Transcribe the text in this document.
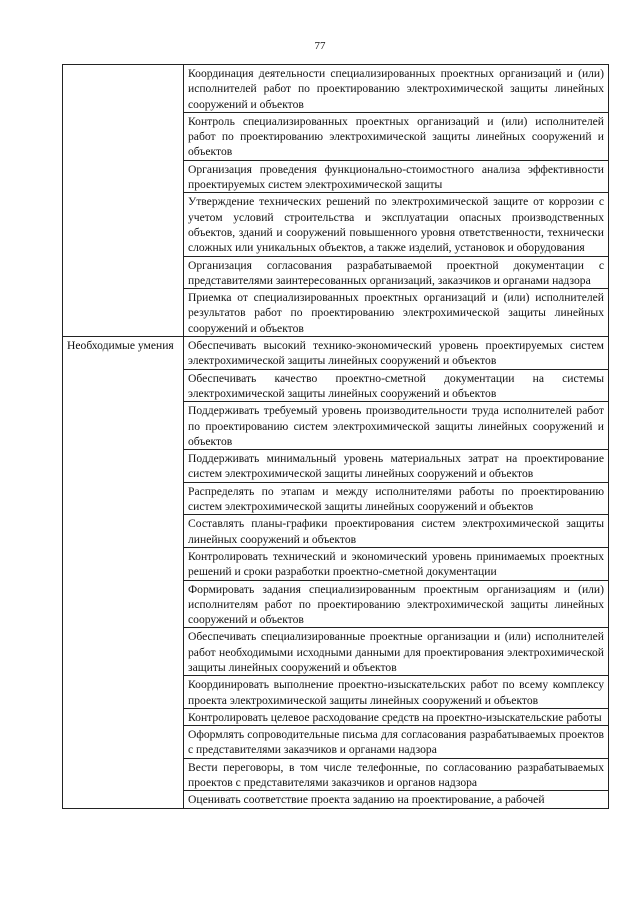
77
	Координация деятельности специализированных проектных организаций и (или) исполнителей работ по проектированию электрохимической защиты линейных сооружений и объектов
	Контроль специализированных проектных организаций и (или) исполнителей работ по проектированию электрохимической защиты линейных сооружений и объектов
	Организация проведения функционально-стоимостного анализа эффективности проектируемых систем электрохимической защиты
	Утверждение технических решений по электрохимической защите от коррозии с учетом условий строительства и эксплуатации опасных производственных объектов, зданий и сооружений повышенного уровня ответственности, технически сложных или уникальных объектов, а также изделий, установок и оборудования
	Организация согласования разрабатываемой проектной документации с представителями заинтересованных организаций, заказчиков и органами надзора
	Приемка от специализированных проектных организаций и (или) исполнителей результатов работ по проектированию электрохимической защиты линейных сооружений и объектов

Необходимые умения	Обеспечивать высокий технико-экономический уровень проектируемых систем электрохимической защиты линейных сооружений и объектов
	Обеспечивать качество проектно-сметной документации на системы электрохимической защиты линейных сооружений и объектов
	Поддерживать требуемый уровень производительности труда исполнителей работ по проектированию систем электрохимической защиты линейных сооружений и объектов
	Поддерживать минимальный уровень материальных затрат на проектирование систем электрохимической защиты линейных сооружений и объектов
	Распределять по этапам и между исполнителями работы по проектированию систем электрохимической защиты линейных сооружений и объектов
	Составлять планы-графики проектирования систем электрохимической защиты линейных сооружений и объектов
	Контролировать технический и экономический уровень принимаемых проектных решений и сроки разработки проектно-сметной документации
	Формировать задания специализированным проектным организациям и (или) исполнителям работ по проектированию электрохимической защиты линейных сооружений и объектов
	Обеспечивать специализированные проектные организации и (или) исполнителей работ необходимыми исходными данными для проектирования электрохимической защиты линейных сооружений и объектов
	Координировать выполнение проектно-изыскательских работ по всему комплексу проекта электрохимической защиты линейных сооружений и объектов
	Контролировать целевое расходование средств на проектно-изыскательские работы
	Оформлять сопроводительные письма для согласования разрабатываемых проектов с представителями заказчиков и органами надзора
	Вести переговоры, в том числе телефонные, по согласованию разрабатываемых проектов с представителями заказчиков и органов надзора
	Оценивать соответствие проекта заданию на проектирование, а рабочей
